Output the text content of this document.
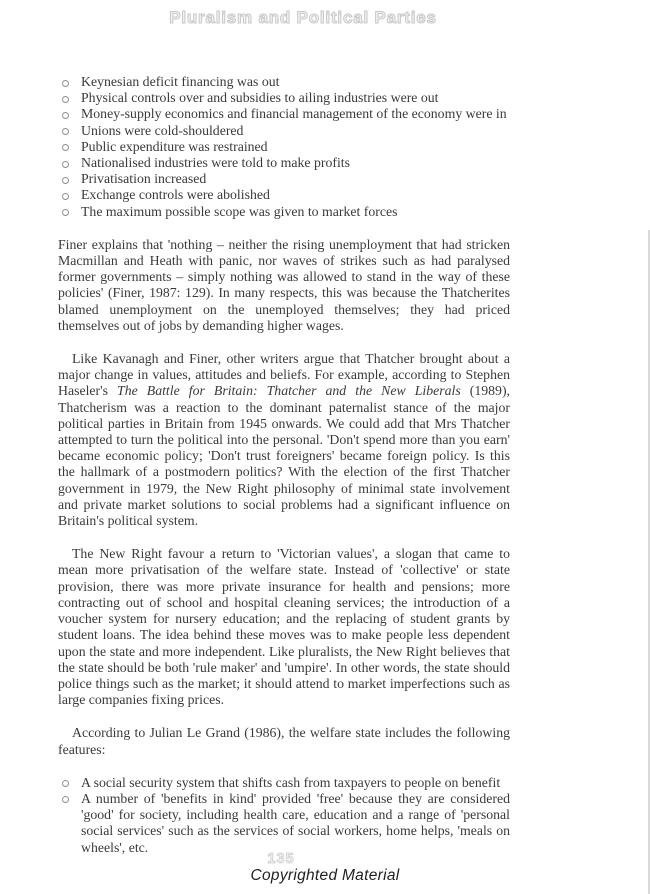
Pluralism and Political Parties
Keynesian deficit financing was out
Physical controls over and subsidies to ailing industries were out
Money-supply economics and financial management of the economy were in
Unions were cold-shouldered
Public expenditure was restrained
Nationalised industries were told to make profits
Privatisation increased
Exchange controls were abolished
The maximum possible scope was given to market forces

Finer explains that 'nothing – neither the rising unemployment that had stricken Macmillan and Heath with panic, nor waves of strikes such as had paralysed former governments – simply nothing was allowed to stand in the way of these policies' (Finer, 1987: 129). In many respects, this was because the Thatcherites blamed unemployment on the unemployed themselves; they had priced themselves out of jobs by demanding higher wages.

Like Kavanagh and Finer, other writers argue that Thatcher brought about a major change in values, attitudes and beliefs. For example, according to Stephen Haseler's The Battle for Britain: Thatcher and the New Liberals (1989), Thatcherism was a reaction to the dominant paternalist stance of the major political parties in Britain from 1945 onwards. We could add that Mrs Thatcher attempted to turn the political into the personal. 'Don't spend more than you earn' became economic policy; 'Don't trust foreigners' became foreign policy. Is this the hallmark of a postmodern politics? With the election of the first Thatcher government in 1979, the New Right philosophy of minimal state involvement and private market solutions to social problems had a significant influence on Britain's political system.

The New Right favour a return to 'Victorian values', a slogan that came to mean more privatisation of the welfare state. Instead of 'collective' or state provision, there was more private insurance for health and pensions; more contracting out of school and hospital cleaning services; the introduction of a voucher system for nursery education; and the replacing of student grants by student loans. The idea behind these moves was to make people less dependent upon the state and more independent. Like pluralists, the New Right believes that the state should be both 'rule maker' and 'umpire'. In other words, the state should police things such as the market; it should attend to market imperfections such as large companies fixing prices.

According to Julian Le Grand (1986), the welfare state includes the following features:

A social security system that shifts cash from taxpayers to people on benefit
A number of 'benefits in kind' provided 'free' because they are considered 'good' for society, including health care, education and a range of 'personal social services' such as the services of social workers, home helps, 'meals on wheels', etc.
135
Copyrighted Material
